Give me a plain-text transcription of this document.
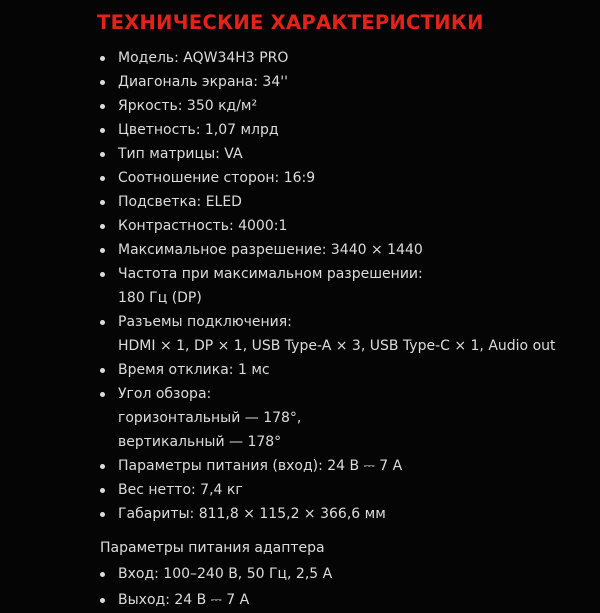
ТЕХНИЧЕСКИЕ ХАРАКТЕРИСТИКИ
Модель: AQW34H3 PRO
Диагональ экрана: 34''
Яркость: 350 кд/м²
Цветность: 1,07 млрд
Тип матрицы: VA
Соотношение сторон: 16:9
Подсветка: ELED
Контрастность: 4000:1
Максимальное разрешение: 3440 × 1440
Частота при максимальном разрешении:
180 Гц (DP)
Разъемы подключения:
HDMI × 1, DP × 1, USB Type-A × 3, USB Type-C × 1, Audio out
Время отклика: 1 мс
Угол обзора:
горизонтальный — 178°,
вертикальный — 178°
Параметры питания (вход): 24 В ⎓ 7 А
Вес нетто: 7,4 кг
Габариты: 811,8 × 115,2 × 366,6 мм
Параметры питания адаптера
Вход: 100–240 В, 50 Гц, 2,5 А
Выход: 24 В ⎓ 7 А
